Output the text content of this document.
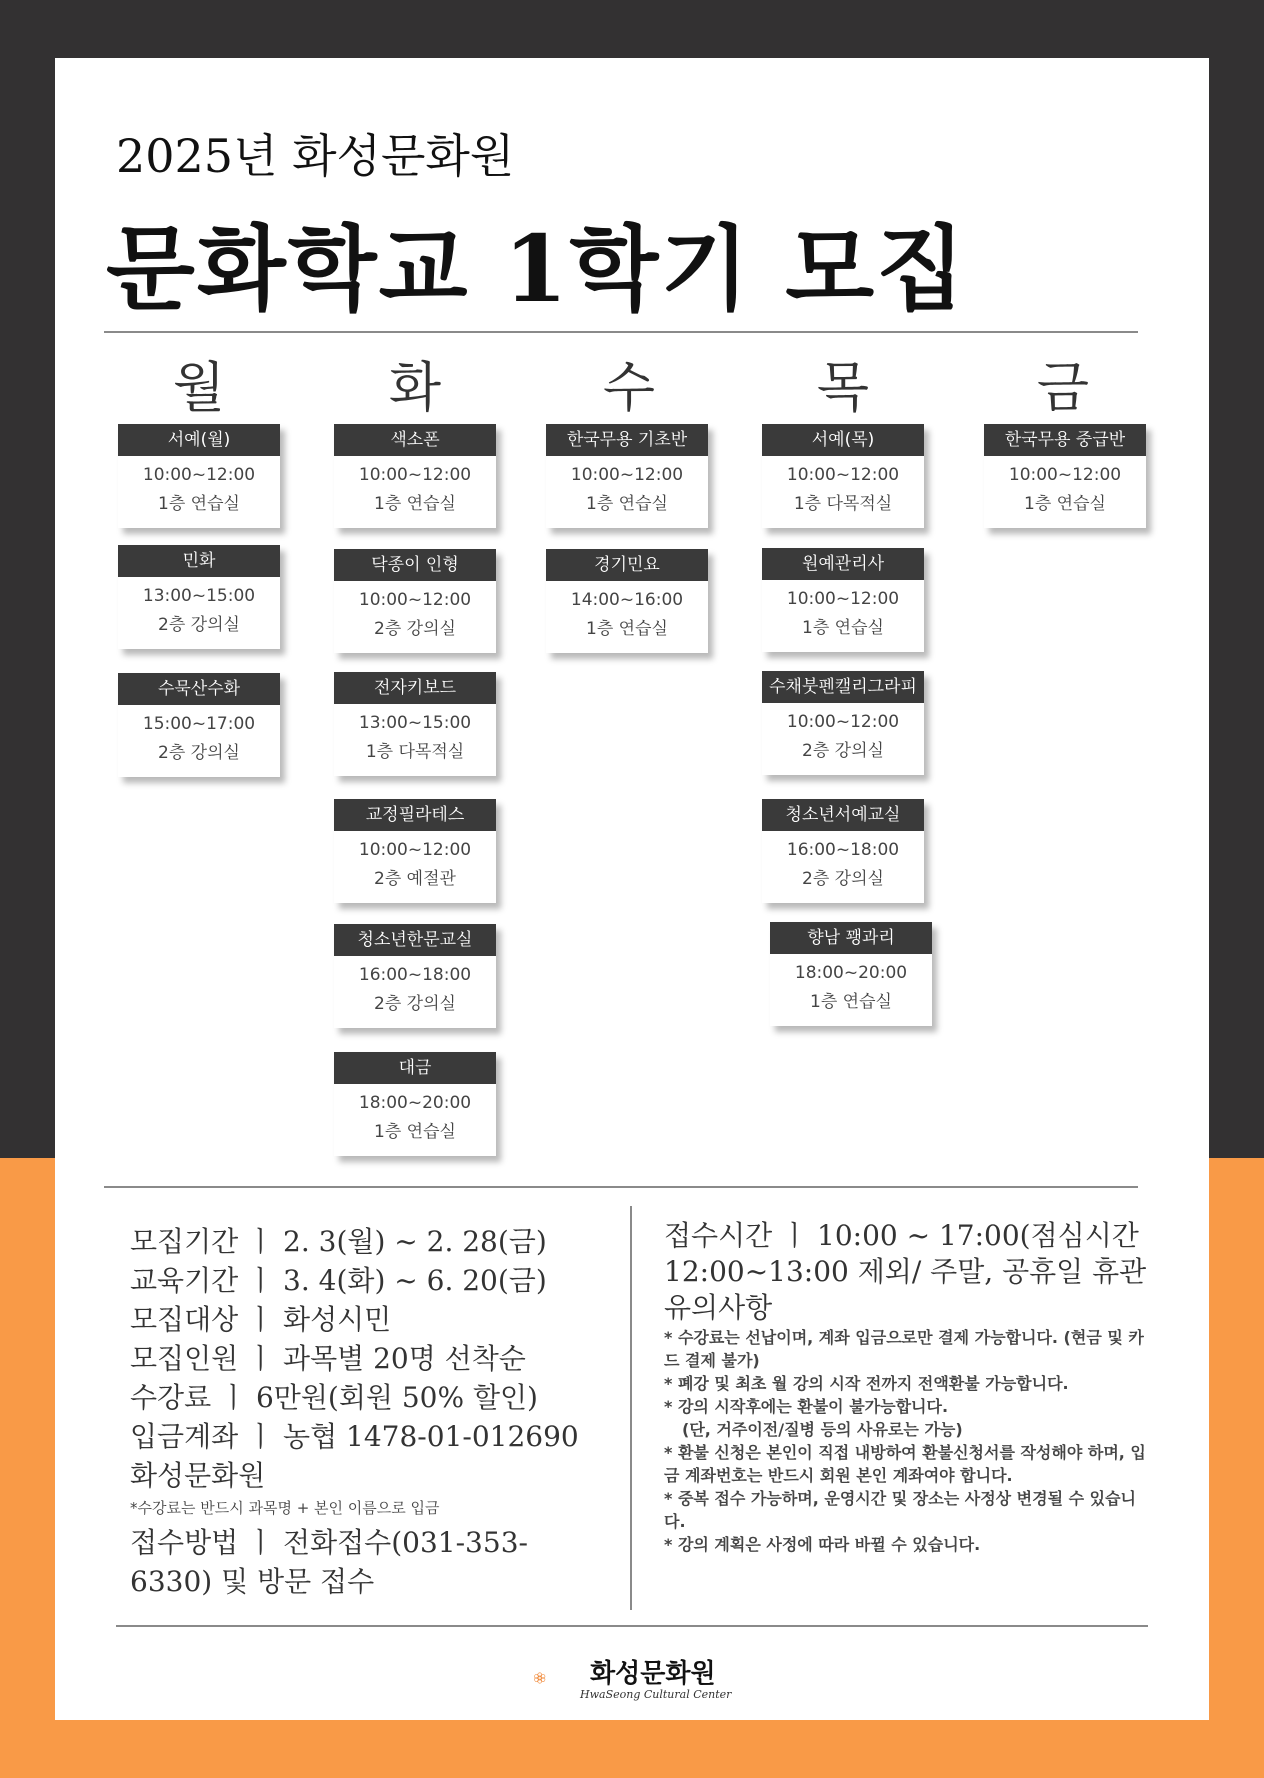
2025년 화성문화원
문화학교 1학기 모집
월	화	수	목	금
서예(월)
10:00~12:00
1층 연습실
민화
13:00~15:00
2층 강의실
수묵산수화
15:00~17:00
2층 강의실
색소폰
10:00~12:00
1층 연습실
닥종이 인형
10:00~12:00
2층 강의실
전자키보드
13:00~15:00
1층 다목적실
교정필라테스
10:00~12:00
2층 예절관
청소년한문교실
16:00~18:00
2층 강의실
대금
18:00~20:00
1층 연습실
한국무용 기초반
10:00~12:00
1층 연습실
경기민요
14:00~16:00
1층 연습실
서예(목)
10:00~12:00
1층 다목적실
원예관리사
10:00~12:00
1층 연습실
수채붓펜캘리그라피
10:00~12:00
2층 강의실
청소년서예교실
16:00~18:00
2층 강의실
향남 꽹과리
18:00~20:00
1층 연습실
한국무용 중급반
10:00~12:00
1층 연습실
모집기간 ㅣ 2. 3(월) ~ 2. 28(금)
교육기간 ㅣ 3. 4(화) ~ 6. 20(금)
모집대상 ㅣ 화성시민
모집인원 ㅣ 과목별 20명 선착순
수강료 ㅣ 6만원(회원 50% 할인)
입금계좌 ㅣ 농협 1478-01-012690 화성문화원
*수강료는 반드시 과목명 + 본인 이름으로 입금
접수방법 ㅣ 전화접수(031-353-6330) 및 방문 접수
접수시간 ㅣ 10:00 ~ 17:00(점심시간 12:00~13:00 제외/ 주말, 공휴일 휴관
유의사항
* 수강료는 선납이며, 계좌 입금으로만 결제 가능합니다. (현금 및 카드 결제 불가)
* 폐강 및 최초 월 강의 시작 전까지 전액환불 가능합니다.
* 강의 시작후에는 환불이 불가능합니다.
(단, 거주이전/질병 등의 사유로는 가능)
* 환불 신청은 본인이 직접 내방하여 환불신청서를 작성해야 하며, 입금 계좌번호는 반드시 회원 본인 계좌여야 합니다.
* 중복 접수 가능하며, 운영시간 및 장소는 사정상 변경될 수 있습니다.
* 강의 계획은 사정에 따라 바뀔 수 있습니다.
화성문화원
HwaSeong Cultural Center
